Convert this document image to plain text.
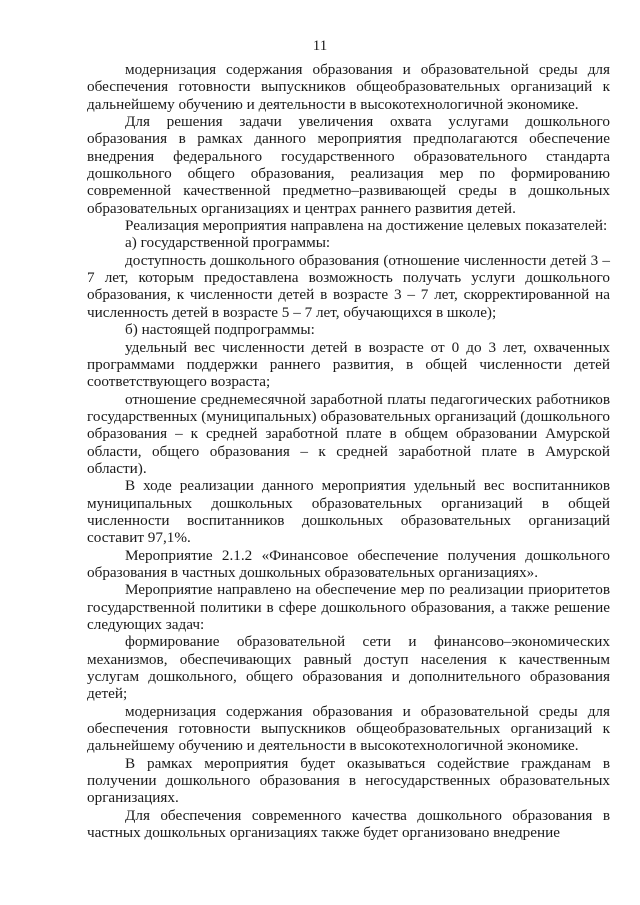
11

модернизация содержания образования и образовательной среды для обеспечения готовности выпускников общеобразовательных организаций к дальнейшему обучению и деятельности в высокотехнологичной экономике.

Для решения задачи увеличения охвата услугами дошкольного образования в рамках данного мероприятия предполагаются обеспечение внедрения федерального государственного образовательного стандарта дошкольного общего образования, реализация мер по формированию современной качественной предметно–развивающей среды в дошкольных образовательных организациях и центрах раннего развития детей.

Реализация мероприятия направлена на достижение целевых показателей:

а) государственной программы:

доступность дошкольного образования (отношение численности детей 3 – 7 лет, которым предоставлена возможность получать услуги дошкольного образования, к численности детей в возрасте 3 – 7 лет, скорректированной на численность детей в возрасте 5 – 7 лет, обучающихся в школе);

б) настоящей подпрограммы:

удельный вес численности детей в возрасте от 0 до 3 лет, охваченных программами поддержки раннего развития, в общей численности детей соответствующего возраста;

отношение среднемесячной заработной платы педагогических работников государственных (муниципальных) образовательных организаций (дошкольного образования – к средней заработной плате в общем образовании Амурской области, общего образования – к средней заработной плате в Амурской области).

В ходе реализации данного мероприятия удельный вес воспитанников муниципальных дошкольных образовательных организаций в общей численности воспитанников дошкольных образовательных организаций составит 97,1%.

Мероприятие 2.1.2 «Финансовое обеспечение получения дошкольного образования в частных дошкольных образовательных организациях».

Мероприятие направлено на обеспечение мер по реализации приоритетов государственной политики в сфере дошкольного образования, а также решение следующих задач:

формирование образовательной сети и финансово–экономических механизмов, обеспечивающих равный доступ населения к качественным услугам дошкольного, общего образования и дополнительного образования детей;

модернизация содержания образования и образовательной среды для обеспечения готовности выпускников общеобразовательных организаций к дальнейшему обучению и деятельности в высокотехнологичной экономике.

В рамках мероприятия будет оказываться содействие гражданам в получении дошкольного образования в негосударственных образовательных организациях.

Для обеспечения современного качества дошкольного образования в частных дошкольных организациях также будет организовано внедрение
